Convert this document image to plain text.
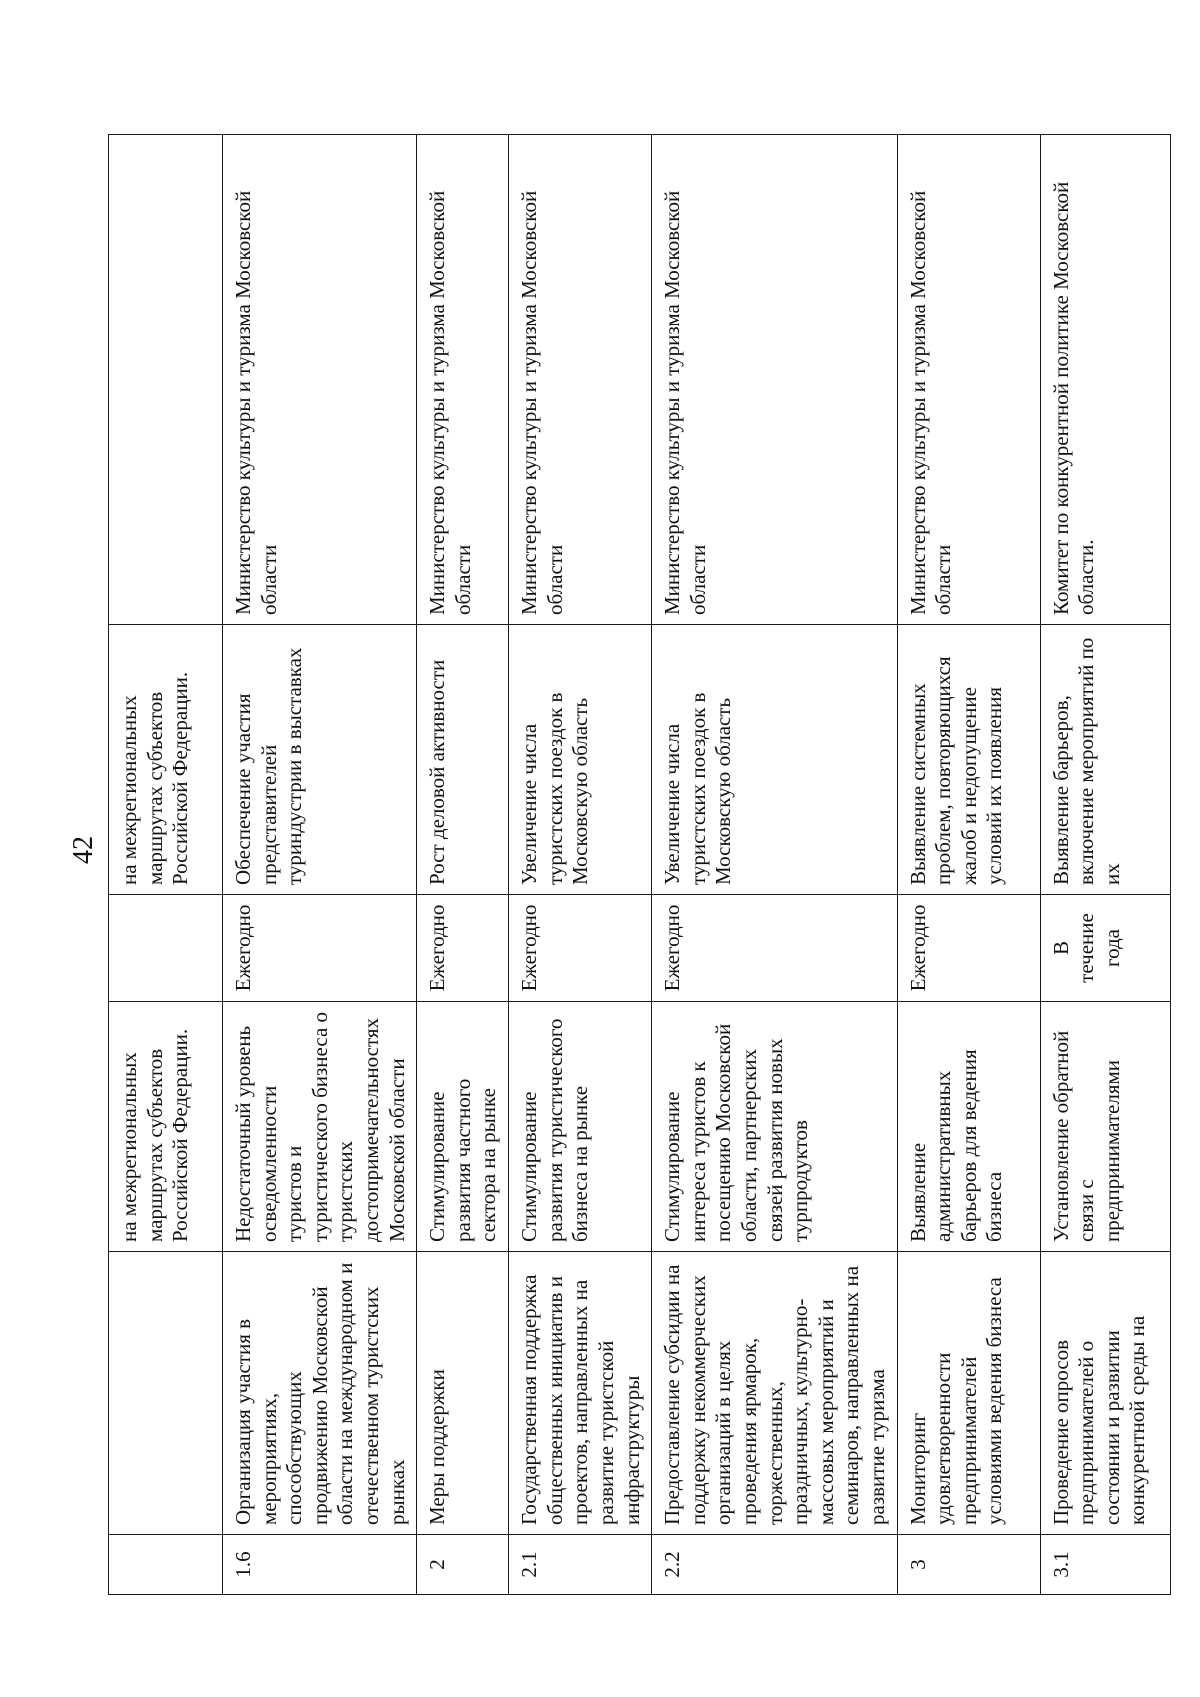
42
		на межрегиональных маршрутах субъектов Российской Федерации.		на межрегиональных маршрутах субъектов Российской Федерации.	
1.6	Организация участия в мероприятиях, способствующих продвижению Московской области на международном и отечественном туристских рынках	Недостаточный уровень осведомленности туристов и туристического бизнеса о туристских достопримечательностях Московской области	Ежегодно	Обеспечение участия представителей туриндустрии в выставках	Министерство культуры и туризма Московской области
2	Меры поддержки	Стимулирование развития частного сектора на рынке	Ежегодно	Рост деловой активности	Министерство культуры и туризма Московской области
2.1	Государственная поддержка общественных инициатив и проектов, направленных на развитие туристской инфраструктуры	Стимулирование развития туристического бизнеса на рынке	Ежегодно	Увеличение числа туристских поездок в Московскую область	Министерство культуры и туризма Московской области
2.2	Предоставление субсидии на поддержку некоммерческих организаций в целях проведения ярмарок, торжественных, праздничных, культурно-массовых мероприятий и семинаров, направленных на развитие туризма	Стимулирование интереса туристов к посещению Московской области, партнерских связей развития новых турпродуктов	Ежегодно	Увеличение числа туристских поездок в Московскую область	Министерство культуры и туризма Московской области
3	Мониторинг удовлетворенности предпринимателей условиями ведения бизнеса	Выявление административных барьеров для ведения бизнеса	Ежегодно	Выявление системных проблем, повторяющихся жалоб и недопущение условий их появления	Министерство культуры и туризма Московской области
3.1	Проведение опросов предпринимателей о состоянии и развитии конкурентной среды на	Установление обратной связи с предпринимателями	В течение года	Выявление барьеров, включение мероприятий по их	Комитет по конкурентной политике Московской области.
